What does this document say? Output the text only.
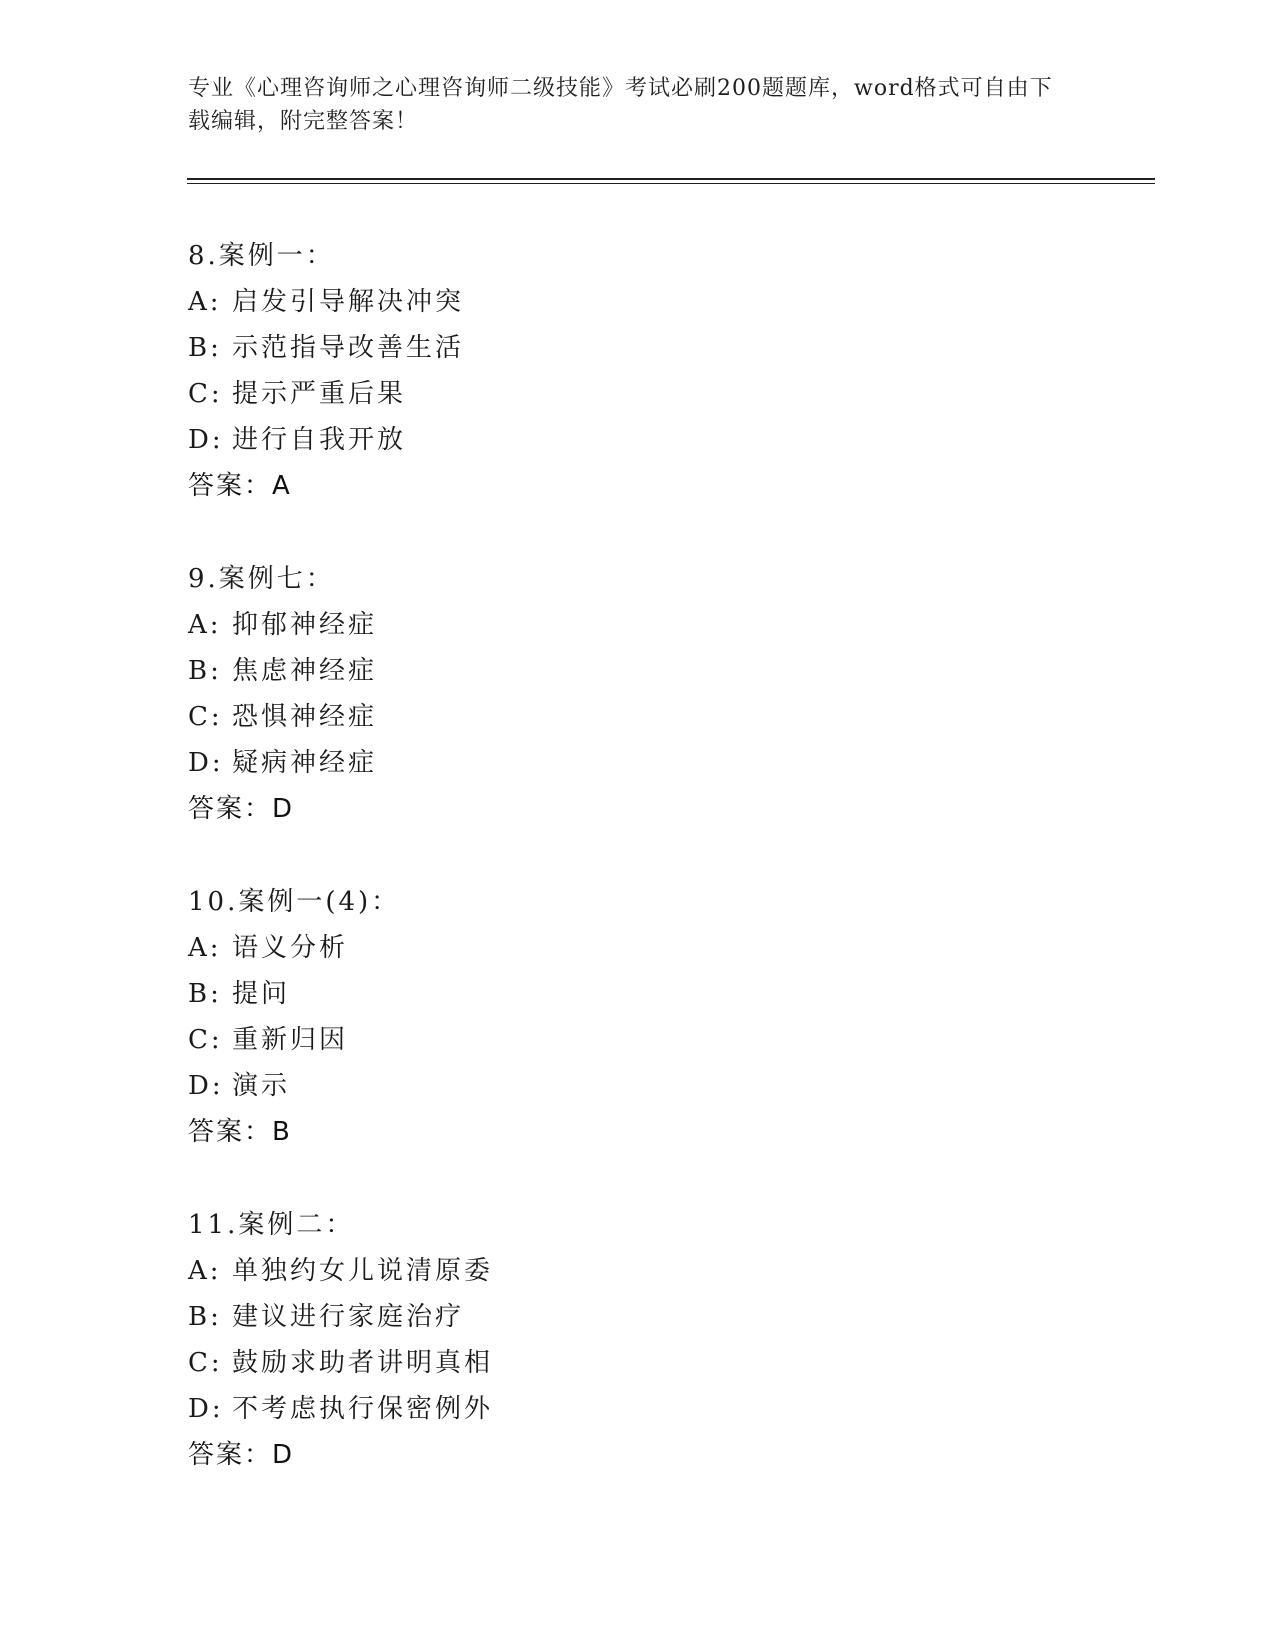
专业《心理咨询师之心理咨询师二级技能》考试必刷200题题库，word格式可自由下载编辑，附完整答案！
8.案例一：
A: 启发引导解决冲突
B: 示范指导改善生活
C: 提示严重后果
D: 进行自我开放
答案：A
9.案例七：
A: 抑郁神经症
B: 焦虑神经症
C: 恐惧神经症
D: 疑病神经症
答案：D
10.案例一(4)：
A: 语义分析
B: 提问
C: 重新归因
D: 演示
答案：B
11.案例二：
A: 单独约女儿说清原委
B: 建议进行家庭治疗
C: 鼓励求助者讲明真相
D: 不考虑执行保密例外
答案：D
